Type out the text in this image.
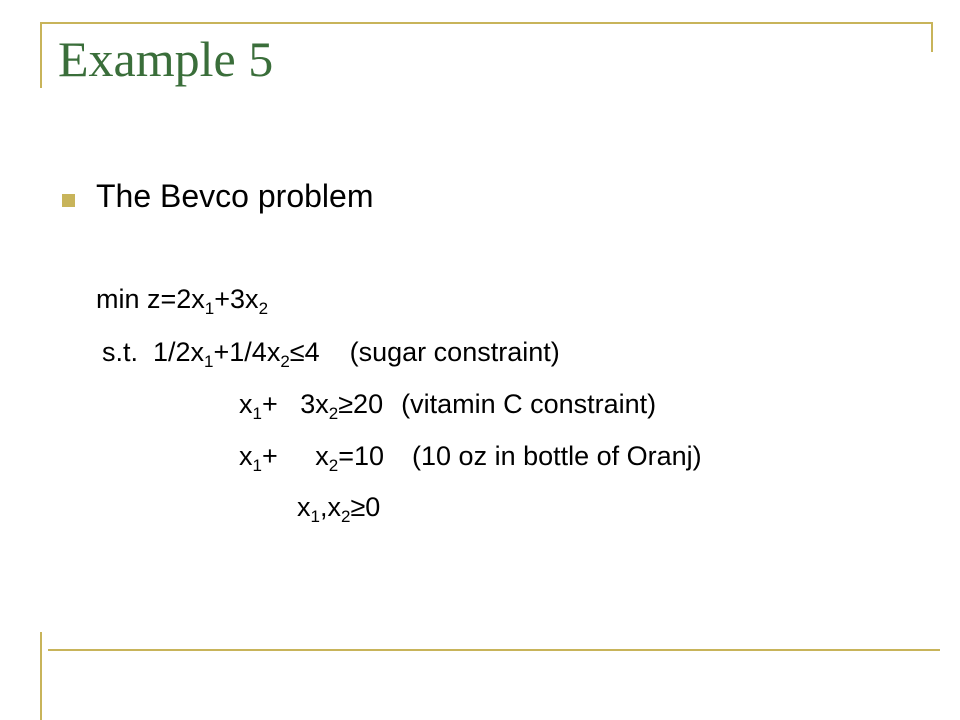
Example 5
The Bevco problem
$\min z=2x_1+3x_2$
s.t.  $1/2x_1+1/4x_2\le 4$ (sugar constraint)
$x_1+ 3x_2\ge 20$ (vitamin C constraint)
$x_1+$     $x_2=10$ (10 oz in bottle of Oranj)
$x_1,x_2\ge 0$
